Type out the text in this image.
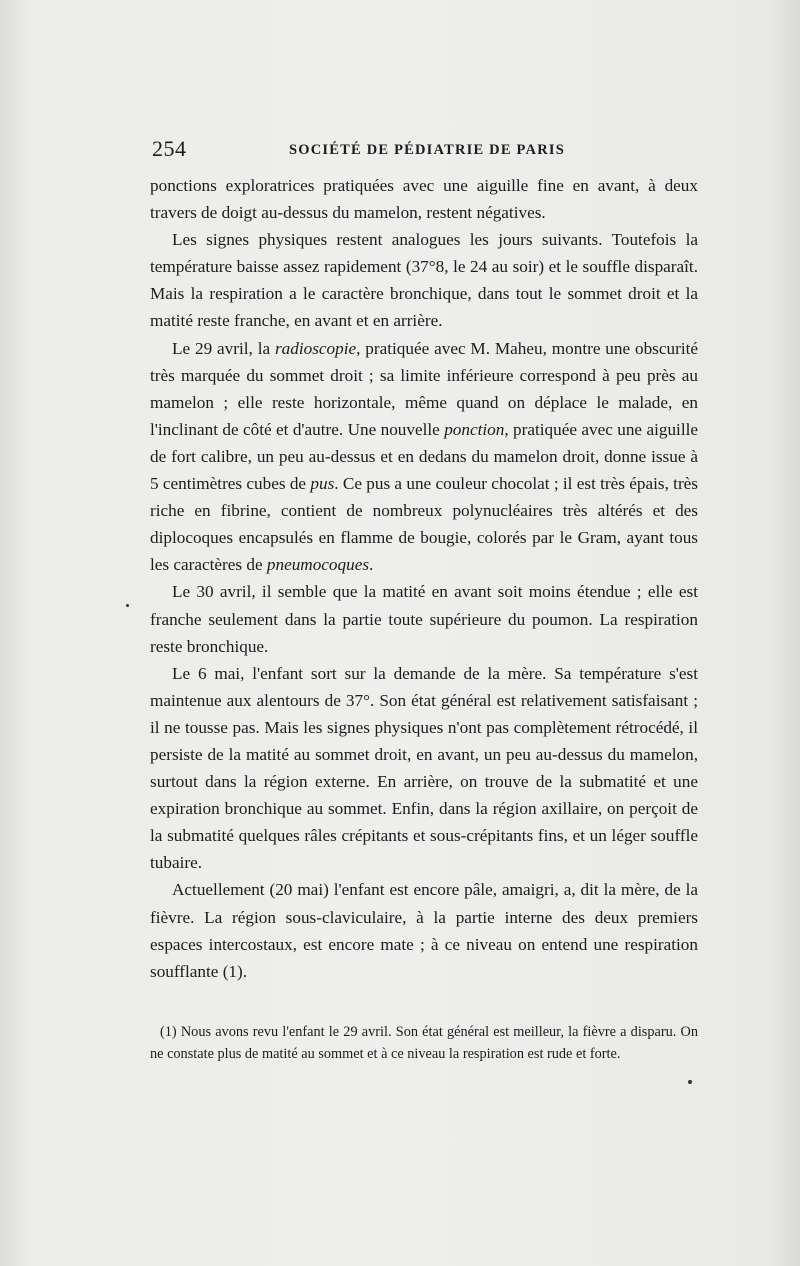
254	SOCIÉTÉ DE PÉDIATRIE DE PARIS

ponctions exploratrices pratiquées avec une aiguille fine en avant, à deux travers de doigt au-dessus du mamelon, restent négatives.

Les signes physiques restent analogues les jours suivants. Toutefois la température baisse assez rapidement (37°8, le 24 au soir) et le souffle disparaît. Mais la respiration a le caractère bronchique, dans tout le sommet droit et la matité reste franche, en avant et en arrière.

Le 29 avril, la radioscopie, pratiquée avec M. Maheu, montre une obscurité très marquée du sommet droit ; sa limite inférieure correspond à peu près au mamelon ; elle reste horizontale, même quand on déplace le malade, en l'inclinant de côté et d'autre. Une nouvelle ponction, pratiquée avec une aiguille de fort calibre, un peu au-dessus et en dedans du mamelon droit, donne issue à 5 centimètres cubes de pus. Ce pus a une couleur chocolat ; il est très épais, très riche en fibrine, contient de nombreux polynucléaires très altérés et des diplocoques encapsulés en flamme de bougie, colorés par le Gram, ayant tous les caractères de pneumocoques.

Le 30 avril, il semble que la matité en avant soit moins étendue ; elle est franche seulement dans la partie toute supérieure du poumon. La respiration reste bronchique.

Le 6 mai, l'enfant sort sur la demande de la mère. Sa température s'est maintenue aux alentours de 37°. Son état général est relativement satisfaisant ; il ne tousse pas. Mais les signes physiques n'ont pas complètement rétrocédé, il persiste de la matité au sommet droit, en avant, un peu au-dessus du mamelon, surtout dans la région externe. En arrière, on trouve de la submatité et une expiration bronchique au sommet. Enfin, dans la région axillaire, on perçoit de la submatité quelques râles crépitants et sous-crépitants fins, et un léger souffle tubaire.

Actuellement (20 mai) l'enfant est encore pâle, amaigri, a, dit la mère, de la fièvre. La région sous-claviculaire, à la partie interne des deux premiers espaces intercostaux, est encore mate ; à ce niveau on entend une respiration soufflante (1).

(1) Nous avons revu l'enfant le 29 avril. Son état général est meilleur, la fièvre a disparu. On ne constate plus de matité au sommet et à ce niveau la respiration est rude et forte.
